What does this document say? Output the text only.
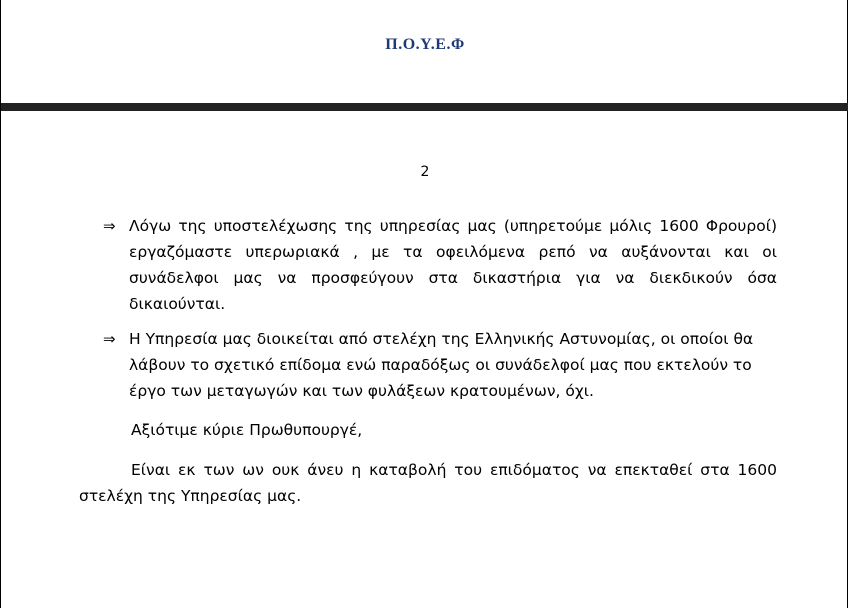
Π.Ο.Υ.Ε.Φ
2
⇒ Λόγω της υποστελέχωσης της υπηρεσίας μας (υπηρετούμε μόλις 1600 Φρουροί) εργαζόμαστε υπερωριακά , με τα οφειλόμενα ρεπό να αυξάνονται και οι συνάδελφοι μας να προσφεύγουν στα δικαστήρια για να διεκδικούν όσα δικαιούνται.
⇒ Η Υπηρεσία μας διοικείται από στελέχη της Ελληνικής Αστυνομίας, οι οποίοι θα λάβουν το σχετικό επίδομα ενώ παραδόξως οι συνάδελφοί μας που εκτελούν το έργο των μεταγωγών και των φυλάξεων κρατουμένων, όχι.
Αξιότιμε κύριε Πρωθυπουργέ,
Είναι εκ των ων ουκ άνευ η καταβολή του επιδόματος να επεκταθεί στα 1600 στελέχη της Υπηρεσίας μας.
